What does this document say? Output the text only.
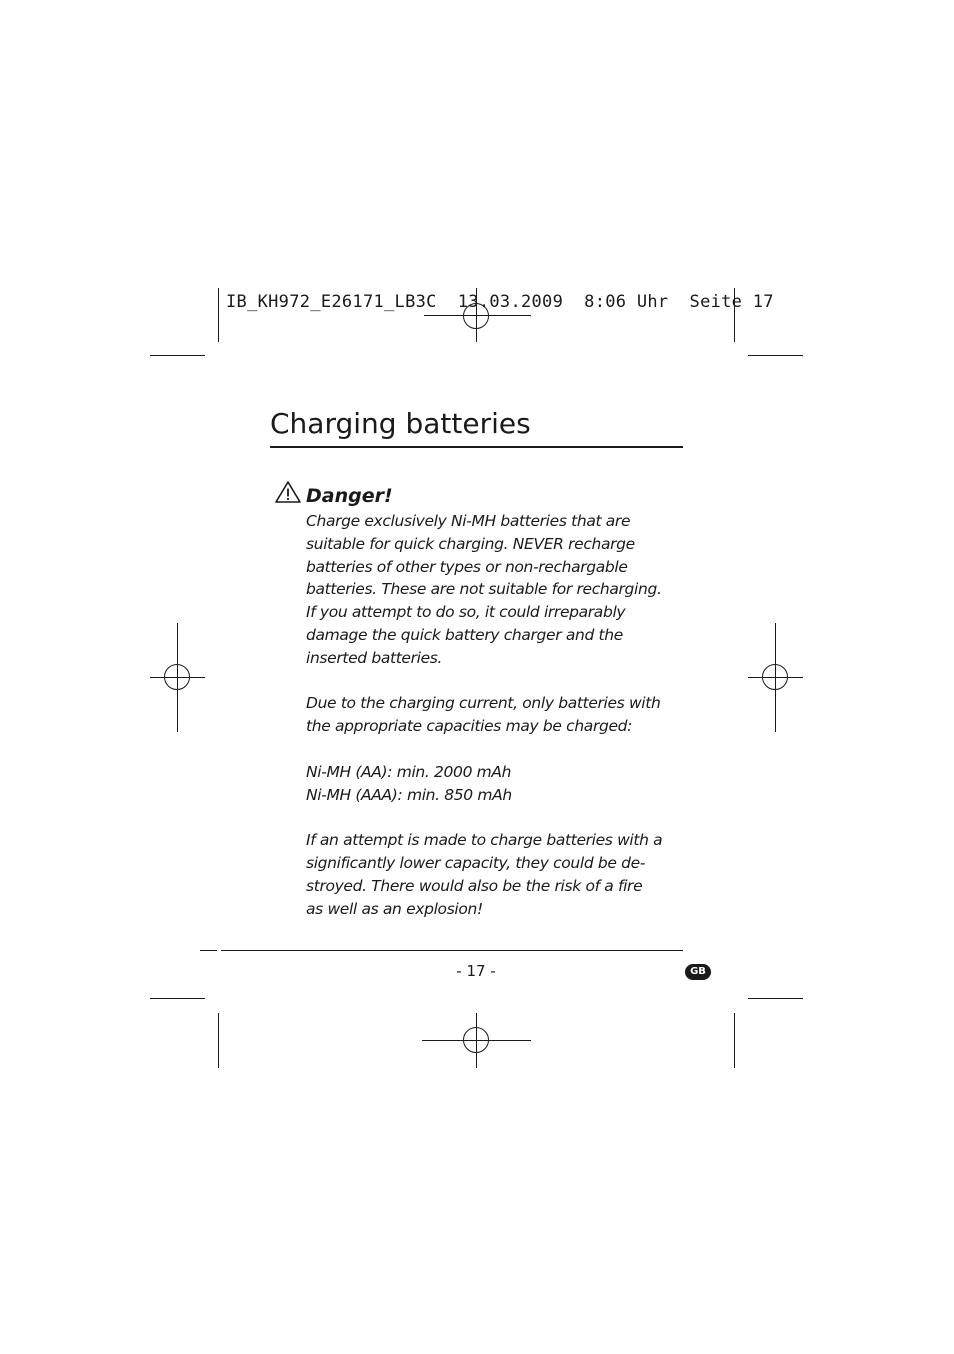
IB_KH972_E26171_LB3C  13.03.2009  8:06 Uhr  Seite 17
Charging batteries
Danger!
Charge exclusively Ni-MH batteries that are
suitable for quick charging. NEVER recharge
batteries of other types or non-rechargable
batteries. These are not suitable for recharging.
If you attempt to do so, it could irreparably
damage the quick battery charger and the
inserted batteries.
Due to the charging current, only batteries with
the appropriate capacities may be charged:
Ni-MH (AA): min. 2000 mAh
Ni-MH (AAA): min. 850 mAh
If an attempt is made to charge batteries with a
significantly lower capacity, they could be de-
stroyed. There would also be the risk of a fire
as well as an explosion!
- 17 -	GB
